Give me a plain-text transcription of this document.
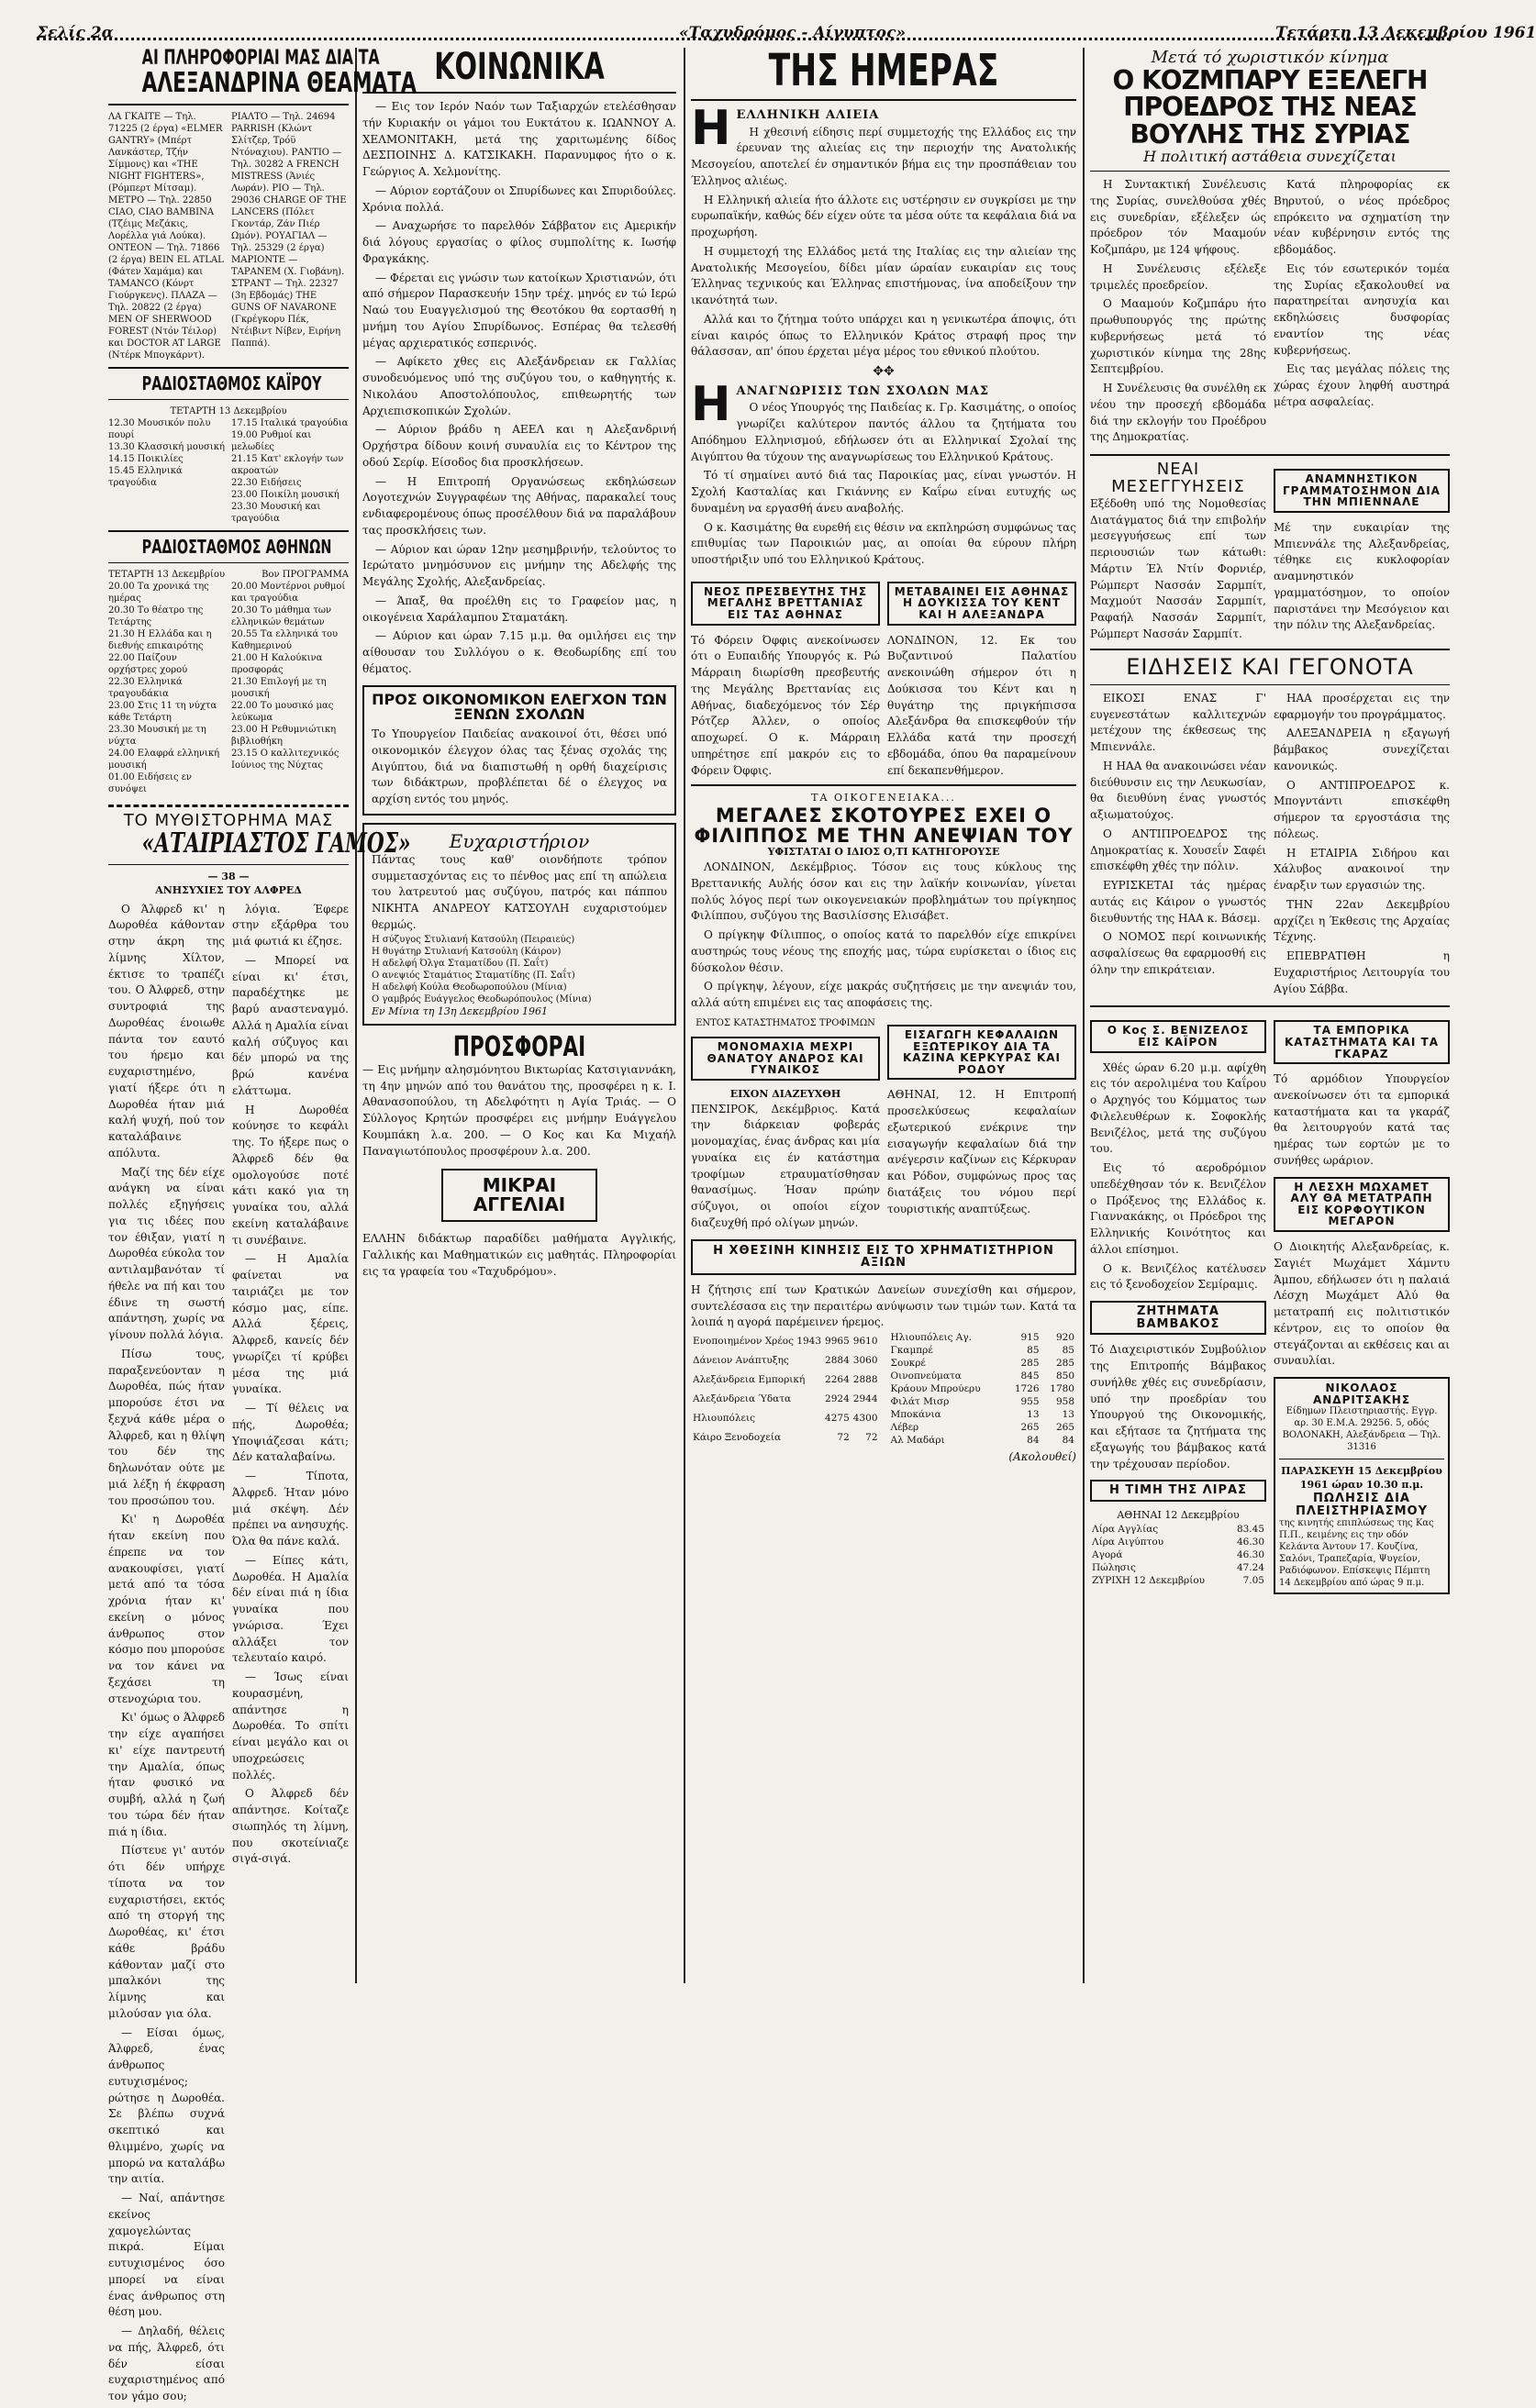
Σελίς 2α	«Ταχυδρόμος - Αίγυπτος»	Τετάρτη 13 Δεκεμβρίου 1961
ΑΙ ΠΛΗΡΟΦΟΡΙΑΙ ΜΑΣ ΔΙΑ ΤΑ
ΑΛΕΞΑΝΔΡΙΝΑ ΘΕΑΜΑΤΑ
ΛΑ ΓΚΑΙΤΕ — Τηλ. 71225 (2 έργα) «ELMER GANTRY» (Μπέρτ Λανκάστερ, Τζήν Σίμμονς) και «THE NIGHT FIGHTERS», (Ρόμπερτ Μίτσαμ). ΜΕΤΡΟ — Τηλ. 22850 CIAO, CIAO BAMBINA (Τζέιμς Μεζάκις, Λορέλλα γιά Λούκα). ΟΝΤΕΟΝ — Τηλ. 71866 (2 έργα) BEIN EL ATLAL (Φάτεν Χαμάμα) και TAMANCO (Κόνρτ Γιούργκενς). ΠΛΑΖΑ — Τηλ. 20822 (2 έργα) MEN OF SHERWOOD FOREST (Ντόν Τέιλορ) και DOCTOR AT LARGE (Ντέρκ Μπογκάρντ).
ΡΙΑΛΤΟ — Τηλ. 24694 PARRISH (Κλώντ Σλίτζερ, Τρόϋ Ντόναχιου). ΡΑΝΤΙΟ — Τηλ. 30282 A FRENCH MISTRESS (Άνιές Λωράν). ΡΙΟ — Τηλ. 29036 CHARGE OF THE LANCERS (Πόλετ Γκοντάρ, Ζάν Πιέρ Ωμόν). ΡΟΥΑΓΙΑΛ — Τηλ. 25329 (2 έργα) ΜΑΡΙΟΝΤΕ — ΤΑΡΑΝΕΜ (Χ. Γιοβάνη). ΣΤΡΑΝΤ — Τηλ. 22327 (3η Εβδομάς) THE GUNS OF NAVARONE (Γκρέγκορυ Πέκ, Ντέιβιντ Νίβεν, Ειρήνη Παππά).
ΡΑΔΙΟΣΤΑΘΜΟΣ ΚΑΪΡΟΥ
ΤΕΤΑΡΤΗ 13 Δεκεμβρίου
12.30 Μουσικόν πολυ πουρί
13.30 Κλασσική μουσική
14.15 Ποικιλίες
15.45 Ελληνικά τραγούδια
17.15 Ιταλικά τραγούδια
19.00 Ρυθμοί και μελωδίες
21.15 Κατ' εκλογήν των ακροατών
22.30 Ειδήσεις
23.00 Ποικίλη μουσική
23.30 Μουσική και τραγούδια
ΡΑΔΙΟΣΤΑΘΜΟΣ ΑΘΗΝΩΝ
ΤΕΤΑΡΤΗ 13 Δεκεμβρίου	Βον ΠΡΟΓΡΑΜΜΑ
20.00 Τα χρονικά της ημέρας
20.30 Το θέατρο της Τετάρτης
21.30 Η Ελλάδα και η διεθνής επικαιρότης
22.00 Παίζουν ορχήστρες χορού
22.30 Ελληνικά τραγουδάκια
23.00 Στις 11 τη νύχτα κάθε Τετάρτη
23.30 Μουσική με τη νύχτα
24.00 Ελαφρά ελληνική μουσική
01.00 Ειδήσεις εν συνόψει
20.00 Μοντέρνοι ρυθμοί και τραγούδια
20.30 Το μάθημα των ελληνικών θεμάτων
20.55 Τα ελληνικά του Καθημερινού
21.00 Η Καλούκινα προσφοράς
21.30 Επιλογή με τη μουσική
22.00 Το μουσικό μας λεύκωμα
23.00 Η Ρεθυμνιώτικη βιβλιοθήκη
23.15 Ο καλλιτεχνικός Ιούνιος της Νύχτας
ΤΟ ΜΥΘΙΣΤΟΡΗΜΑ ΜΑΣ
«ΑΤΑΙΡΙΑΣΤΟΣ ΓΑΜΟΣ»
— 38 —
ΑΝΗΣΥΧΙΕΣ ΤΟΥ ΑΛΦΡΕΔ

Ο Άλφρεδ κι' η Δωροθέα κάθονταν στην άκρη της λίμνης Χίλτον, έκτισε το τραπέζι του. Ο Άλφρεδ, στην συντροφιά της Δωροθέας ένοιωθε πάντα τον εαυτό του ήρεμο και ευχαριστημένο, γιατί ήξερε ότι η Δωροθέα ήταν μιά καλή ψυχή, πού τον καταλάβαινε απόλυτα.

Μαζί της δέν είχε ανάγκη να είναι πολλές εξηγήσεις για τις ιδέες που τον έθιξαν, γιατί η Δωροθέα εύκολα τον αντιλαμβανόταν τί ήθελε να πή και του έδινε τη σωστή απάντηση, χωρίς να γίνουν πολλά λόγια.

Πίσω τους, παραξενεύονταν η Δωροθέα, πώς ήταν μπορούσε έτσι να ξεχνά κάθε μέρα ο Άλφρεδ, και η θλίψη του δέν της δηλωνόταν ούτε με μιά λέξη ή έκφραση του προσώπου του.

Κι' η Δωροθέα ήταν εκείνη που έπρεπε να τον ανακουφίσει, γιατί μετά από τα τόσα χρόνια ήταν κι' εκείνη ο μόνος άνθρωπος στον κόσμο που μπορούσε να τον κάνει να ξεχάσει τη στενοχώρια του.

Κι' όμως ο Άλφρεδ την είχε αγαπήσει κι' είχε παντρευτή την Αμαλία, όπως ήταν φυσικό να συμβή, αλλά η ζωή του τώρα δέν ήταν πιά η ίδια.

Πίστευε γι' αυτόν ότι δέν υπήρχε τίποτα να τον ευχαριστήσει, εκτός από τη στοργή της Δωροθέας, κι' έτσι κάθε βράδυ κάθονταν μαζί στο μπαλκόνι της λίμνης και μιλούσαν για όλα.

— Είσαι όμως, Άλφρεδ, ένας άνθρωπος ευτυχισμένος; ρώτησε η Δωροθέα. Σε βλέπω συχνά σκεπτικό και θλιμμένο, χωρίς να μπορώ να καταλάβω την αιτία.

— Ναί, απάντησε εκείνος χαμογελώντας πικρά. Είμαι ευτυχισμένος όσο μπορεί να είναι ένας άνθρωπος στη θέση μου.

— Δηλαδή, θέλεις να πής, Άλφρεδ, ότι δέν είσαι ευχαριστημένος από τον γάμο σου;

λόγια. Έφερε στην εξάρθρα του μιά φωτιά κι έζησε.

— Μπορεί να είναι κι' έτσι, παραδέχτηκε με βαρύ αναστεναγμό. Αλλά η Αμαλία είναι καλή σύζυγος και δέν μπορώ να της βρώ κανένα ελάττωμα.

Η Δωροθέα κούνησε το κεφάλι της. Το ήξερε πως ο Άλφρεδ δέν θα ομολογούσε ποτέ κάτι κακό για τη γυναίκα του, αλλά εκείνη καταλάβαινε τι συνέβαινε.

— Η Αμαλία φαίνεται να ταιριάζει με τον κόσμο μας, είπε. Αλλά ξέρεις, Άλφρεδ, κανείς δέν γνωρίζει τί κρύβει μέσα της μιά γυναίκα.

— Τί θέλεις να πής, Δωροθέα; Υποψιάζεσαι κάτι; Δέν καταλαβαίνω.

— Τίποτα, Άλφρεδ. Ήταν μόνο μιά σκέψη. Δέν πρέπει να ανησυχής. Όλα θα πάνε καλά.

— Είπες κάτι, Δωροθέα. Η Αμαλία δέν είναι πιά η ίδια γυναίκα που γνώρισα. Έχει αλλάξει τον τελευταίο καιρό.

— Ίσως είναι κουρασμένη, απάντησε η Δωροθέα. Το σπίτι είναι μεγάλο και οι υποχρεώσεις πολλές.

Ο Άλφρεδ δέν απάντησε. Κοίταζε σιωπηλός τη λίμνη, που σκοτείνιαζε σιγά-σιγά.

ΚΟΙΝΩΝΙΚΑ

— Εις τον Ιερόν Ναόν των Ταξιαρχών ετελέσθησαν τήν Κυριακήν οι γάμοι του Ευκτάτου κ. ΙΩΑΝΝΟΥ Α. ΧΕΛΜΟΝΙΤΑΚΗ, μετά της χαριτωμένης δίδος ΔΕΣΠΟΙΝΗΣ Δ. ΚΑΤΣΙΚΑΚΗ. Παρανυμφος ήτο ο κ. Γεώργιος Α. Χελμονίτης.

— Αύριον εορτάζουν οι Σπυρίδωνες και Σπυριδούλες. Χρόνια πολλά.

— Αναχωρήσε το παρελθόν Σάββατον εις Αμερικήν διά λόγους εργασίας ο φίλος συμπολίτης κ. Ιωσήφ Φραγκάκης.

— Φέρεται εις γνώσιν των κατοίκων Χριστιανών, ότι από σήμερον Παρασκευήν 15ην τρέχ. μηνός εν τώ Ιερώ Ναώ του Ευαγγελισμού της Θεοτόκου θα εορτασθή η μνήμη του Αγίου Σπυρίδωνος. Εσπέρας θα τελεσθή μέγας αρχιερατικός εσπερινός.

— Αφίκετο χθες εις Αλεξάνδρειαν εκ Γαλλίας συνοδευόμενος υπό της συζύγου του, ο καθηγητής κ. Νικολάου Αποστολόπουλος, επιθεωρητής των Αρχιεπισκοπικών Σχολών.

— Αύριον βράδυ η ΑΕΕΛ και η Αλεξανδρινή Ορχήστρα δίδουν κοινή συναυλία εις το Κέντρον της οδού Σερίφ. Είσοδος δια προσκλήσεων.

— Η Επιτροπή Οργανώσεως εκδηλώσεων Λογοτεχνών Συγγραφέων της Αθήνας, παρακαλεί τους ενδιαφερομένους όπως προσέλθουν διά να παραλάβουν τας προσκλήσεις των.

— Αύριον και ώραν 12ην μεσημβρινήν, τελούντος το Ιερώτατο μνημόσυνον εις μνήμην της Αδελφής της Μεγάλης Σχολής, Αλεξανδρείας.

— Άπαξ, θα προέλθη εις το Γραφείον μας, η οικογένεια Χαράλαμπου Σταματάκη.

— Αύριον και ώραν 7.15 μ.μ. θα ομιλήσει εις την αίθουσαν του Συλλόγου ο κ. Θεοδωρίδης επί του θέματος.

ΠΡΟΣ ΟΙΚΟΝΟΜΙΚΟΝ ΕΛΕΓΧΟΝ ΤΩΝ ΞΕΝΩΝ ΣΧΟΛΩΝ
Το Υπουργείον Παιδείας ανακοινοί ότι, θέσει υπό οικονομικόν έλεγχον όλας τας ξένας σχολάς της Αιγύπτου, διά να διαπιστωθή η ορθή διαχείρισις των διδάκτρων, προβλέπεται δέ ο έλεγχος να αρχίση εντός του μηνός.
Ευχαριστήριον
Πάντας τους καθ' οιονδήποτε τρόπον συμμετασχόντας εις το πένθος μας επί τη απώλεια του λατρευτού μας συζύγου, πατρός και πάππου ΝΙΚΗΤΑ ΑΝΔΡΕΟΥ ΚΑΤΣΟΥΛΗ ευχαριστούμεν θερμώς.
Η σύζυγος Στυλιανή Κατσούλη (Πειραιεύς)
Η θυγάτηρ Στυλιανή Κατσούλη (Κάιρον)
Η αδελφή Όλγα Σταματίδου (Π. Σαΐτ)
Ο ανεψιός Σταμάτιος Σταματίδης (Π. Σαΐτ)
Η αδελφή Κούλα Θεοδωροπούλου (Μίνια)
Ο γαμβρός Ευάγγελος Θεοδωρόπουλος (Μίνια)
Εν Μίνια τη 13η Δεκεμβρίου 1961
ΠΡΟΣΦΟΡΑΙ
— Εις μνήμην αλησμόνητου Βικτωρίας Κατσιγιαννάκη, τη 4ην μηνών από του θανάτου της, προσφέρει η κ. Ι. Αθανασοπούλου, τη Αδελφότητι η Αγία Τριάς. — Ο Σύλλογος Κρητών προσφέρει εις μνήμην Ευάγγελου Κουμπάκη λ.α. 200. — Ο Κος και Κα Μιχαήλ Παναγιωτόπουλος προσφέρουν λ.α. 200.
ΜΙΚΡΑΙ ΑΓΓΕΛΙΑΙ
ΕΛΛΗΝ διδάκτωρ παραδίδει μαθήματα Αγγλικής, Γαλλικής και Μαθηματικών εις μαθητάς. Πληροφορίαι εις τα γραφεία του «Ταχυδρόμου».
ΤΗΣ ΗΜΕΡΑΣ
Η ΕΛΛΗΝΙΚΗ ΑΛΙΕΙΑ

Η χθεσινή είδησις περί συμμετοχής της Ελλάδος εις την έρευναν της αλιείας εις την περιοχήν της Ανατολικής Μεσογείου, αποτελεί έν σημαντικόν βήμα εις την προσπάθειαν του Έλληνος αλιέως.

Η Ελληνική αλιεία ήτο άλλοτε εις υστέρησιν εν συγκρίσει με την ευρωπαϊκήν, καθώς δέν είχεν ούτε τα μέσα ούτε τα κεφάλαια διά να προχωρήση.

Η συμμετοχή της Ελλάδος μετά της Ιταλίας εις την αλιείαν της Ανατολικής Μεσογείου, δίδει μίαν ώραίαν ευκαιρίαν εις τους Έλληνας τεχνικούς και Έλληνας επιστήμονας, ίνα αποδείξουν την ικανότητά των.

Αλλά και το ζήτημα τούτο υπάρχει και η γενικωτέρα άποψις, ότι είναι καιρός όπως το Ελληνικόν Κράτος στραφή προς την θάλασσαν, απ' όπου έρχεται μέγα μέρος του εθνικού πλούτου.

✥✥
Η ΑΝΑΓΝΩΡΙΣΙΣ ΤΩΝ ΣΧΟΛΩΝ ΜΑΣ

Ο νέος Υπουργός της Παιδείας κ. Γρ. Κασιμάτης, ο οποίος γνωρίζει καλύτερον παντός άλλου τα ζητήματα του Απόδημου Ελληνισμού, εδήλωσεν ότι αι Ελληνικαί Σχολαί της Αιγύπτου θα τύχουν της αναγνωρίσεως του Ελληνικού Κράτους.

Τό τί σημαίνει αυτό διά τας Παροικίας μας, είναι γνωστόν. Η Σχολή Κασταλίας και Γκιάννης εν Καΐρω είναι ευτυχής ως δυναμένη να εργασθή άνευ αναβολής.

Ο κ. Κασιμάτης θα ευρεθή εις θέσιν να εκπληρώση συμφώνως τας επιθυμίας των Παροικιών μας, αι οποίαι θα εύρουν πλήρη υποστήριξιν υπό του Ελληνικού Κράτους.

ΝΕΟΣ ΠΡΕΣΒΕΥΤΗΣ ΤΗΣ ΜΕΓΑΛΗΣ ΒΡΕΤΤΑΝΙΑΣ ΕΙΣ ΤΑΣ ΑΘΗΝΑΣ
Τό Φόρειν Όφφις ανεκοίνωσεν ότι ο Ευπαιδής Υπουργός κ. Ρώ Μάρραιη διωρίσθη πρεσβευτής της Μεγάλης Βρεττανίας εις Αθήνας, διαδεχόμενος τόν Σέρ Ρότζερ Άλλεν, ο οποίος αποχωρεί. Ο κ. Μάρραιη υπηρέτησε επί μακρόν εις το Φόρειν Όφφις.
ΜΕΤΑΒΑΙΝΕΙ ΕΙΣ ΑΘΗΝΑΣ Η ΔΟΥΚΙΣΣΑ ΤΟΥ ΚΕΝΤ ΚΑΙ Η ΑΛΕΞΑΝΔΡΑ
ΛΟΝΔΙΝΟΝ, 12. Εκ του Βυζαντινού Παλατίου ανεκοινώθη σήμερον ότι η Δούκισσα του Κέντ και η θυγάτηρ της πριγκήπισσα Αλεξάνδρα θα επισκεφθούν τήν Ελλάδα κατά την προσεχή εβδομάδα, όπου θα παραμείνουν επί δεκαπενθήμερον.
ΤΑ ΟΙΚΟΓΕΝΕΙΑΚΑ...
ΜΕΓΑΛΕΣ ΣΚΟΤΟΥΡΕΣ ΕΧΕΙ Ο ΦΙΛΙΠΠΟΣ ΜΕ ΤΗΝ ΑΝΕΨΙΑΝ ΤΟΥ
ΥΦΙΣΤΑΤΑΙ Ο ΙΔΙΟΣ Ο,ΤΙ ΚΑΤΗΓΟΡΟΥΣΕ

ΛΟΝΔΙΝΟΝ, Δεκέμβριος. Τόσον εις τους κύκλους της Βρεττανικής Αυλής όσον και εις την λαϊκήν κοινωνίαν, γίνεται πολύς λόγος περί των οικογενειακών προβλημάτων του πρίγκηπος Φιλίππου, συζύγου της Βασιλίσσης Ελισάβετ.

Ο πρίγκηψ Φίλιππος, ο οποίος κατά το παρελθόν είχε επικρίνει αυστηρώς τους νέους της εποχής μας, τώρα ευρίσκεται ο ίδιος εις δύσκολον θέσιν.

Ο πρίγκηψ, λέγουν, είχε μακράς συζητήσεις με την ανεψιάν του, αλλά αύτη επιμένει εις τας αποφάσεις της.

ΕΝΤΟΣ ΚΑΤΑΣΤΗΜΑΤΟΣ ΤΡΟΦΙΜΩΝ
ΜΟΝΟΜΑΧΙΑ ΜΕΧΡΙ ΘΑΝΑΤΟΥ ΑΝΔΡΟΣ ΚΑΙ ΓΥΝΑΙΚΟΣ
ΕΙΧΟΝ ΔΙΑΖΕΥΧΘΗ
ΠΕΝΣΙΡΟΚ, Δεκέμβριος. Κατά την διάρκειαν φοβεράς μονομαχίας, ένας άνδρας και μία γυναίκα εις έν κατάστημα τροφίμων ετραυματίσθησαν θανασίμως. Ήσαν πρώην σύζυγοι, οι οποίοι είχον διαζευχθή πρό ολίγων μηνών.
ΕΙΣΑΓΩΓΗ ΚΕΦΑΛΑΙΩΝ ΕΞΩΤΕΡΙΚΟΥ ΔΙΑ ΤΑ ΚΑΖΙΝΑ ΚΕΡΚΥΡΑΣ ΚΑΙ ΡΟΔΟΥ
ΑΘΗΝΑΙ, 12. Η Επιτροπή προσελκύσεως κεφαλαίων εξωτερικού ενέκρινε την εισαγωγήν κεφαλαίων διά την ανέγερσιν καζίνων εις Κέρκυραν και Ρόδον, συμφώνως προς τας διατάξεις του νόμου περί τουριστικής αναπτύξεως.
Η ΧΘΕΣΙΝΗ ΚΙΝΗΣΙΣ ΕΙΣ ΤΟ ΧΡΗΜΑΤΙΣΤΗΡΙΟΝ ΑΞΙΩΝ
Η ζήτησις επί των Κρατικών Δανείων συνεχίσθη και σήμερον, συντελέσασα εις την περαιτέρω ανύψωσιν των τιμών των. Κατά τα λοιπά η αγορά παρέμεινεν ήρεμος.
Ενοποιημένον Χρέος 1943	9965	9610
Δάνειον Ανάπτυξης	2884	3060
Αλεξάνδρεια Εμπορική	2264	2888
Αλεξάνδρεια Ύδατα	2924	2944
Ηλιουπόλεις	4275	4300
Κάιρο Ξενοδοχεία	72	72
Ηλιουπόλεις Αγ.	915	920
Γκαμπρέ	85	85
Σουκρέ	285	285
Οινοπνεύματα	845	850
Κράουν Μπρούερυ	1726	1780
Φιλάτ Μισρ	955	958
Μποκάνια	13	13
Λέβερ	265	265
Αλ Μαδάρι	84	84
(Ακολουθεί)
Μετά τό χωριστικόν κίνημα
Ο ΚΟΖΜΠΑΡΥ ΕΞΕΛΕΓΗ ΠΡΟΕΔΡΟΣ ΤΗΣ ΝΕΑΣ ΒΟΥΛΗΣ ΤΗΣ ΣΥΡΙΑΣ
Η πολιτική αστάθεια συνεχίζεται

Η Συντακτική Συνέλευσις της Συρίας, συνελθούσα χθές εις συνεδρίαν, εξέλεξεν ώς πρόεδρον τόν Μααμούν Κοζμπάρυ, με 124 ψήφους.

Η Συνέλευσις εξέλεξε τριμελές προεδρείον.

Ο Μααμούν Κοζμπάρυ ήτο πρωθυπουργός της πρώτης κυβερνήσεως μετά τό χωριστικόν κίνημα της 28ης Σεπτεμβρίου.

Η Συνέλευσις θα συνέλθη εκ νέου την προσεχή εβδομάδα διά την εκλογήν του Προέδρου της Δημοκρατίας.

Κατά πληροφορίας εκ Βηρυτού, ο νέος πρόεδρος επρόκειτο να σχηματίση την νέαν κυβέρνησιν εντός της εβδομάδος.

Εις τόν εσωτερικόν τομέα της Συρίας εξακολουθεί να παρατηρείται ανησυχία και εκδηλώσεις δυσφορίας εναντίον της νέας κυβερνήσεως.

Εις τας μεγάλας πόλεις της χώρας έχουν ληφθή αυστηρά μέτρα ασφαλείας.

ΝΕΑΙ ΜΕΣΕΓΓΥΗΣΕΙΣ
Εξέδοθη υπό της Νομοθεσίας Διατάγματος διά την επιβολήν μεσεγγυήσεως επί των περιουσιών των κάτωθι: Μάρτιν Έλ Ντίν Φορνιέρ, Ρώμπερτ Νασσάν Σαρμπίτ, Μαχμούτ Νασσάν Σαρμπίτ, Ραφαήλ Νασσάν Σαρμπίτ, Ρώμπερτ Νασσάν Σαρμπίτ.
ΑΝΑΜΝΗΣΤΙΚΟΝ ΓΡΑΜΜΑΤΟΣΗΜΟΝ ΔΙΑ ΤΗΝ ΜΠΙΕΝΝΑΛΕ
Μέ την ευκαιρίαν της Μπιεννάλε της Αλεξανδρείας, τέθηκε εις κυκλοφορίαν αναμνηστικόν γραμματόσημον, το οποίον παριστάνει την Μεσόγειον και την πόλιν της Αλεξανδρείας.
ΕΙΔΗΣΕΙΣ ΚΑΙ ΓΕΓΟΝΟΤΑ

ΕΙΚΟΣΙ ΕΝΑΣ Γ' ευγενεστάτων καλλιτεχνών μετέχουν της έκθεσεως της Μπιεννάλε.

Η ΗΑΑ θα ανακοινώσει νέαν διεύθυνσιν εις την Λευκωσίαν, θα διευθύνη ένας γνωστός αξιωματούχος.

Ο ΑΝΤΙΠΡΟΕΔΡΟΣ της Δημοκρατίας κ. Χουσεΐν Σαφέι επισκέφθη χθές την πόλιν.

ΕΥΡΙΣΚΕΤΑΙ τάς ημέρας αυτάς εις Κάιρον ο γνωστός διευθυντής της ΗΑΑ κ. Βάσεμ.

Ο ΝΟΜΟΣ περί κοινωνικής ασφαλίσεως θα εφαρμοσθή εις όλην την επικράτειαν.

ΗΑΑ προσέρχεται εις την εφαρμογήν του προγράμματος.

ΑΛΕΞΑΝΔΡΕΙΑ η εξαγωγή βάμβακος συνεχίζεται κανονικώς.

Ο ΑΝΤΙΠΡΟΕΔΡΟΣ κ. Μπογντάντι επισκέφθη σήμερον τα εργοστάσια της πόλεως.

Η ΕΤΑΙΡΙΑ Σιδήρου και Χάλυβος ανακοινοί την έναρξιν των εργασιών της.

ΤΗΝ 22αν Δεκεμβρίου αρχίζει η Έκθεσις της Αρχαίας Τέχνης.

ΕΠΕΒΡΑΤΙΘΗ η Ευχαριστήριος Λειτουργία του Αγίου Σάββα.

Ο Κος Σ. ΒΕΝΙΖΕΛΟΣ ΕΙΣ ΚΑΪΡΟΝ

Χθές ώραν 6.20 μ.μ. αφίχθη εις τόν αερολιμένα του Καΐρου ο Αρχηγός του Κόμματος των Φιλελευθέρων κ. Σοφοκλής Βενιζέλος, μετά της συζύγου του.

Εις τό αεροδρόμιον υπεδέχθησαν τόν κ. Βενιζέλον ο Πρόξενος της Ελλάδος κ. Γιαννακάκης, οι Πρόεδροι της Ελληνικής Κοινότητος και άλλοι επίσημοι.

Ο κ. Βενιζέλος κατέλυσεν εις τό ξενοδοχείον Σεμίραμις.

ΖΗΤΗΜΑΤΑ ΒΑΜΒΑΚΟΣ
Τό Διαχειριστικόν Συμβούλιον της Επιτροπής Βάμβακος συνήλθε χθές εις συνεδρίασιν, υπό την προεδρίαν του Υπουργού της Οικονομικής, και εξήτασε τα ζητήματα της εξαγωγής του βάμβακος κατά την τρέχουσαν περίοδον.
Η ΤΙΜΗ ΤΗΣ ΛΙΡΑΣ
ΑΘΗΝΑΙ 12 Δεκεμβρίου
Λίρα Αγγλίας	83.45
Λίρα Αιγύπτου	46.30
Αγορά	46.30
Πώλησις	47.24
ΖΥΡΙΧΗ 12 Δεκεμβρίου	7.05
ΤΑ ΕΜΠΟΡΙΚΑ ΚΑΤΑΣΤΗΜΑΤΑ ΚΑΙ ΤΑ ΓΚΑΡΑΖ
Τό αρμόδιον Υπουργείον ανεκοίνωσεν ότι τα εμπορικά καταστήματα και τα γκαράζ θα λειτουργούν κατά τας ημέρας των εορτών με το συνήθες ωράριον.
Η ΛΕΣΧΗ ΜΩΧΑΜΕΤ ΑΛΥ ΘΑ ΜΕΤΑΤΡΑΠΗ ΕΙΣ ΚΟΡΦΟΥΤΙΚΟΝ ΜΕΓΑΡΟΝ
Ο Διοικητής Αλεξανδρείας, κ. Σαγιέτ Μωχάμετ Χάμντυ Άμπου, εδήλωσεν ότι η παλαιά Λέσχη Μωχάμετ Αλύ θα μετατραπή εις πολιτιστικόν κέντρον, εις το οποίον θα στεγάζονται αι εκθέσεις και αι συναυλίαι.
ΝΙΚΟΛΑΟΣ ΑΝΔΡΙΤΣΑΚΗΣ
Είδημων Πλειστηριαστής. Εγγρ. αρ. 30 Ε.Μ.Α. 29256. 5, οδός ΒΟΛΟΝΑΚΗ, Αλεξάνδρεια — Τηλ. 31316
ΠΑΡΑΣΚΕΥΗ 15 Δεκεμβρίου 1961 ώραν 10.30 π.μ.
ΠΩΛΗΣΙΣ ΔΙΑ ΠΛΕΙΣΤΗΡΙΑΣΜΟΥ
της κινητής επιπλώσεως της Κας Π.Π., κειμένης εις την οδόν Κελάντα Άντουν 17. Κουζίνα, Σαλόνι, Τραπεζαρία, Ψυγείον, Ραδιόφωνον. Επίσκεψις Πέμπτη 14 Δεκεμβρίου από ώρας 9 π.μ.
